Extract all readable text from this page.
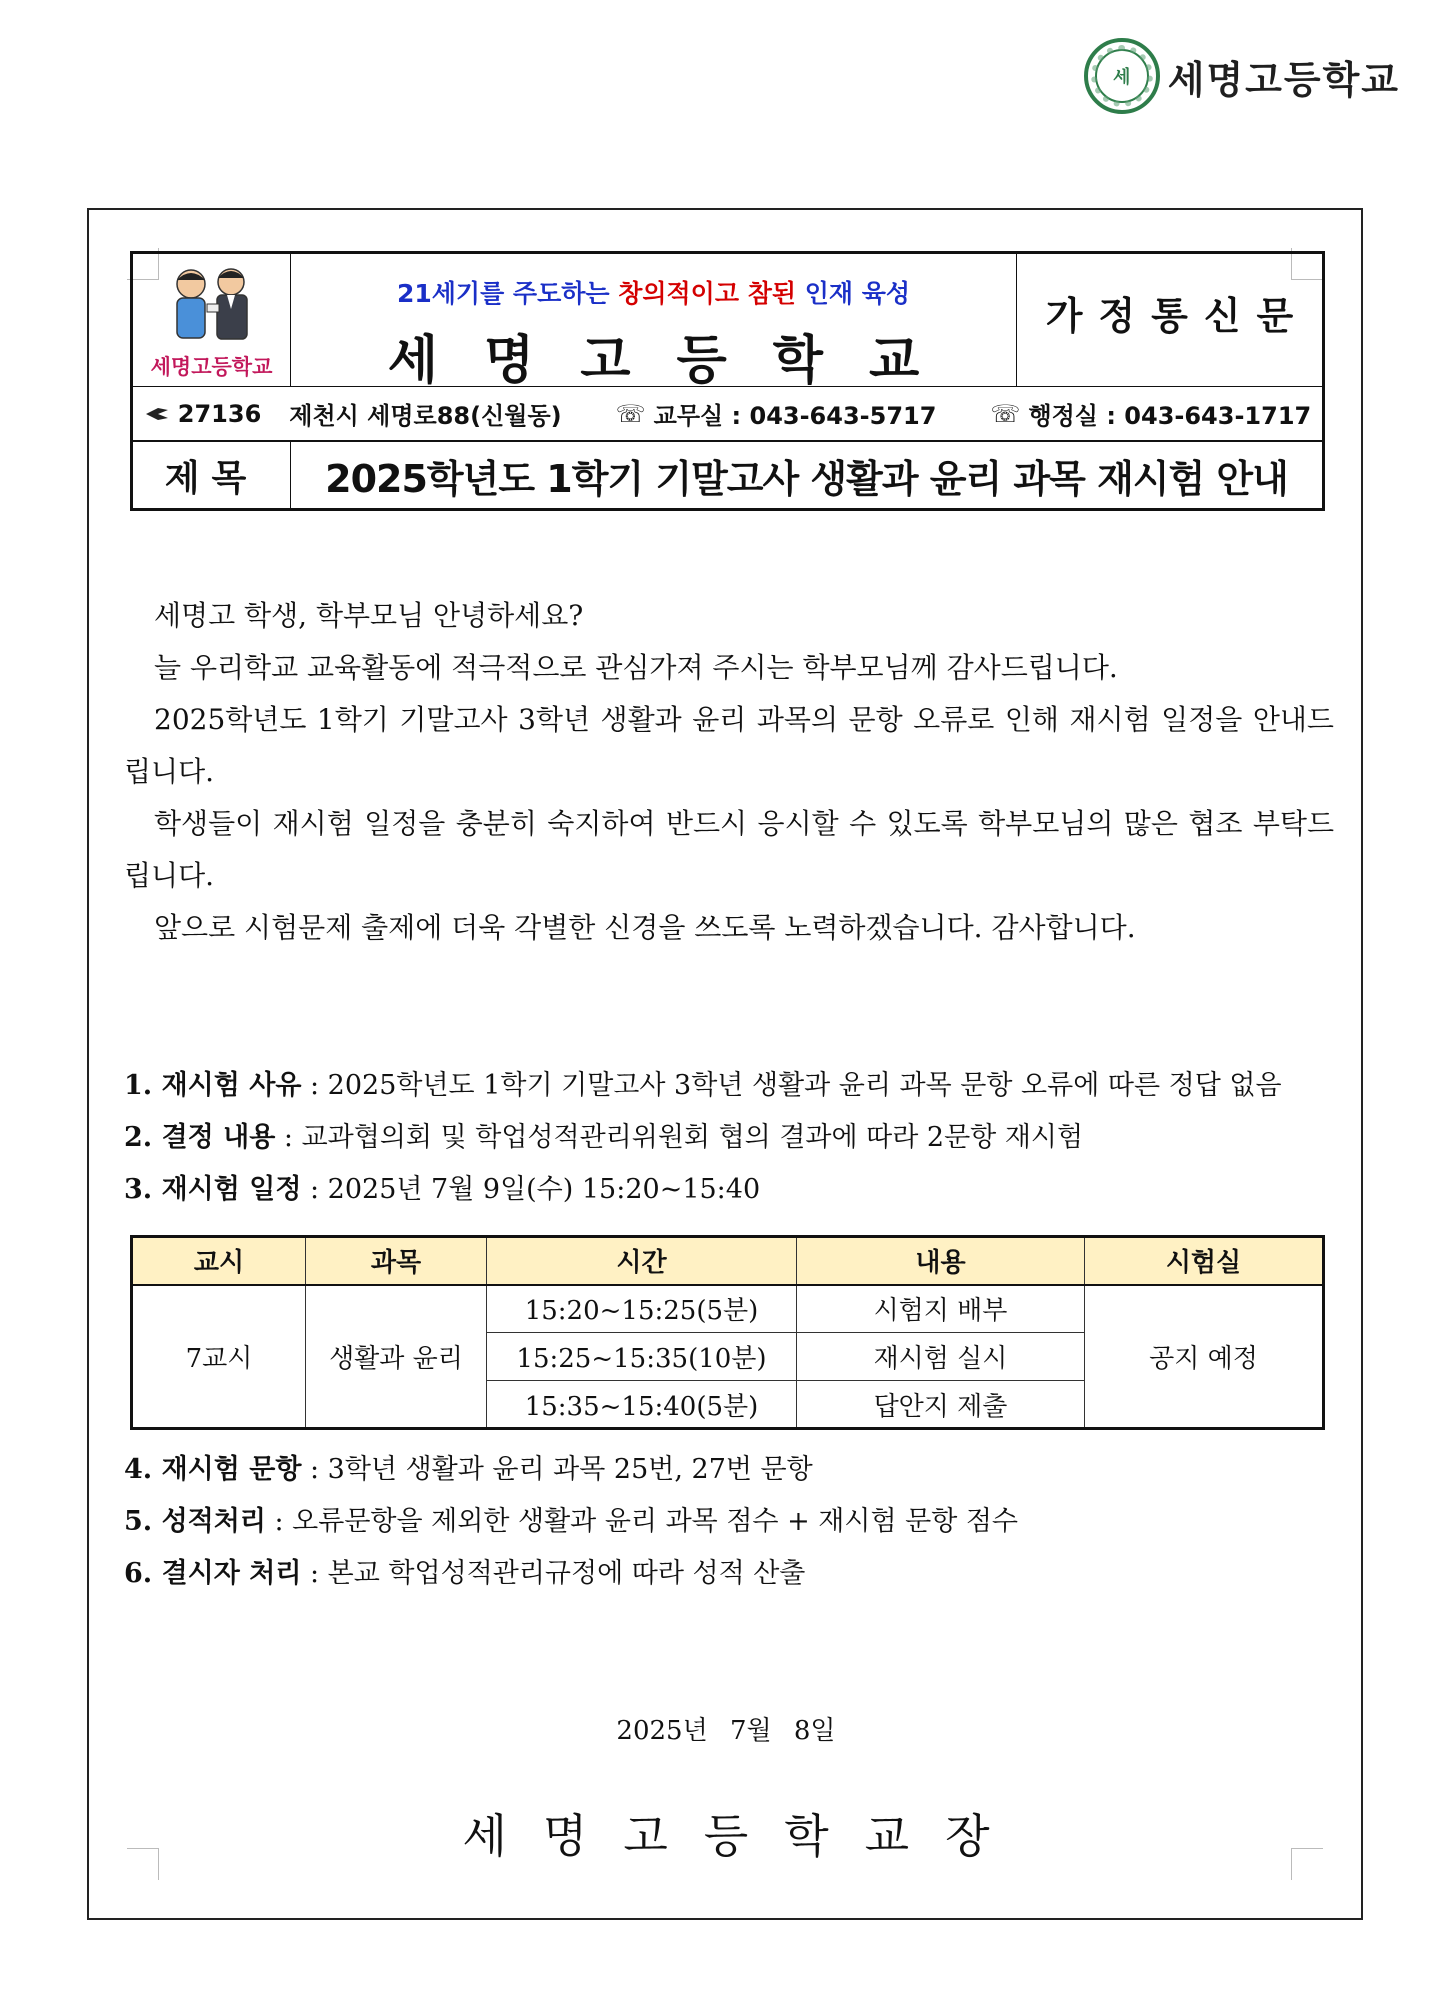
세 세명고등학교
세명고등학교
21세기를 주도하는 창의적이고 참된 인재 육성
세명고등학교
가정통신문
27136 제천시 세명로88(신월동) ☏ 교무실 : 043-643-5717 ☏ 행정실 : 043-643-1717
제목	2025학년도 1학기 기말고사 생활과 윤리 과목 재시험 안내

세명고 학생, 학부모님 안녕하세요?

늘 우리학교 교육활동에 적극적으로 관심가져 주시는 학부모님께 감사드립니다.

2025학년도 1학기 기말고사 3학년 생활과 윤리 과목의 문항 오류로 인해 재시험 일정을 안내드립니다.

학생들이 재시험 일정을 충분히 숙지하여 반드시 응시할 수 있도록 학부모님의 많은 협조 부탁드립니다.

앞으로 시험문제 출제에 더욱 각별한 신경을 쓰도록 노력하겠습니다. 감사합니다.

1. 재시험 사유 : 2025학년도 1학기 기말고사 3학년 생활과 윤리 과목 문항 오류에 따른 정답 없음
2. 결정 내용 : 교과협의회 및 학업성적관리위원회 협의 결과에 따라 2문항 재시험
3. 재시험 일정 : 2025년 7월 9일(수) 15:20~15:40
교시	과목	시간	내용	시험실
7교시	생활과 윤리	15:20~15:25(5분)	시험지 배부	공지 예정
		15:25~15:35(10분)	재시험 실시	
		15:35~15:40(5분)	답안지 제출	
4. 재시험 문항 : 3학년 생활과 윤리 과목 25번, 27번 문항
5. 성적처리 : 오류문항을 제외한 생활과 윤리 과목 점수 + 재시험 문항 점수
6. 결시자 처리 : 본교 학업성적관리규정에 따라 성적 산출
2025년 7월 8일
세명고등학교장
